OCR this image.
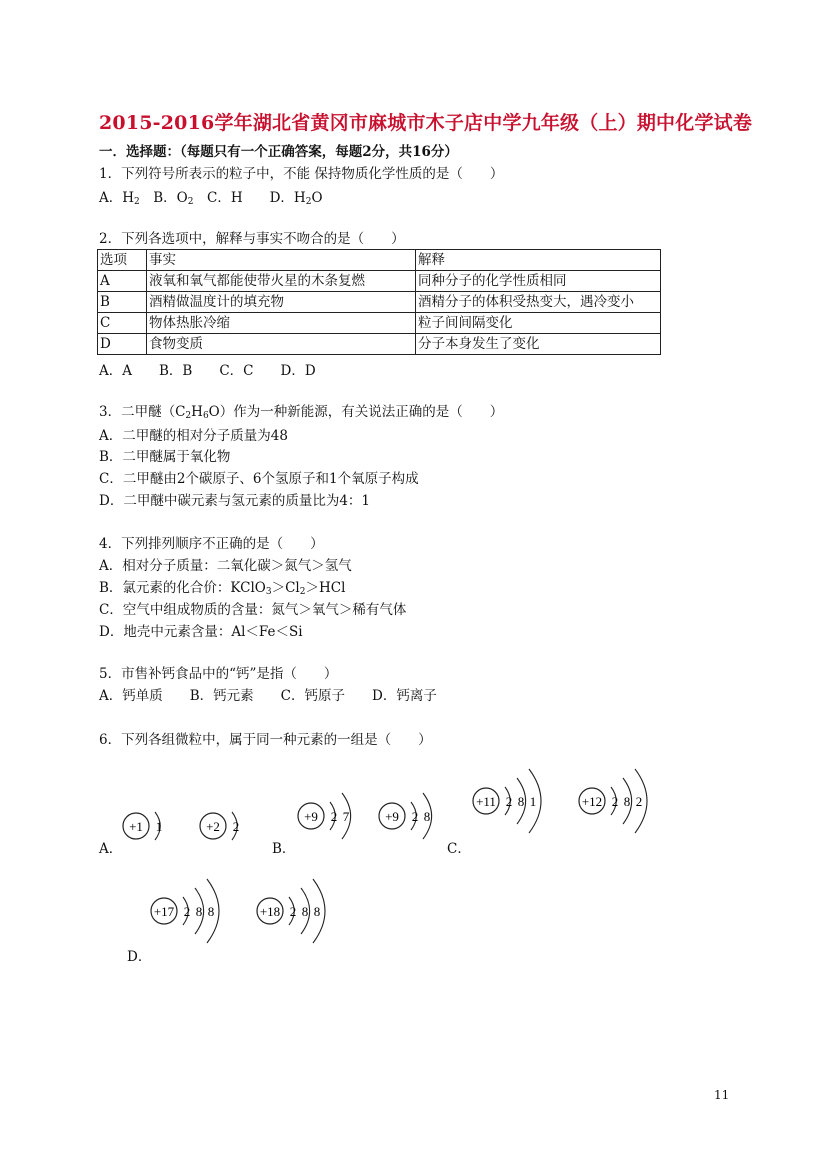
2015-2016学年湖北省黄冈市麻城市木子店中学九年级（上）期中化学试卷
一．选择题：（每题只有一个正确答案，每题2分，共16分）
1．下列符号所表示的粒子中，不能 保持物质化学性质的是（　　）
A．$H_2$　B．$O_2$　C．H　　D．$H_2O$
2．下列各选项中，解释与事实不吻合的是（　　）
选项	事实	解释
A	液氧和氧气都能使带火星的木条复燃	同种分子的化学性质相同
B	酒精做温度计的填充物	酒精分子的体积受热变大，遇冷变小
C	物体热胀冷缩	粒子间间隔变化
D	食物变质	分子本身发生了变化
A．A　　B．B　　C．C　　D．D
3．二甲醚$(C_2H_6O)$作为一种新能源，有关说法正确的是（　　）
A．二甲醚的相对分子质量为48
B．二甲醚属于氧化物
C．二甲醚由2个碳原子、6个氢原子和1个氧原子构成
D．二甲醚中碳元素与氢元素的质量比为4：1
4．下列排列顺序不正确的是（　　）
A．相对分子质量：二氧化碳＞氮气＞氢气
B．氯元素的化合价：$KClO_3>Cl_2>HCl$
C．空气中组成物质的含量：氮气＞氧气＞稀有气体
D．地壳中元素含量：Al＜Fe＜Si
5．市售补钙食品中的“钙”是指（　　）
A．钙单质　　B．钙元素　　C．钙原子　　D．钙离子
6．下列各组微粒中，属于同一种元素的一组是（　　）
A．	B．	C．
D．
+1 1	+2 2
+9 2 7	+9 2 8
+11 2 8 1	+12 2 8 2
+17 2 8 8	+18 2 8 8
11
